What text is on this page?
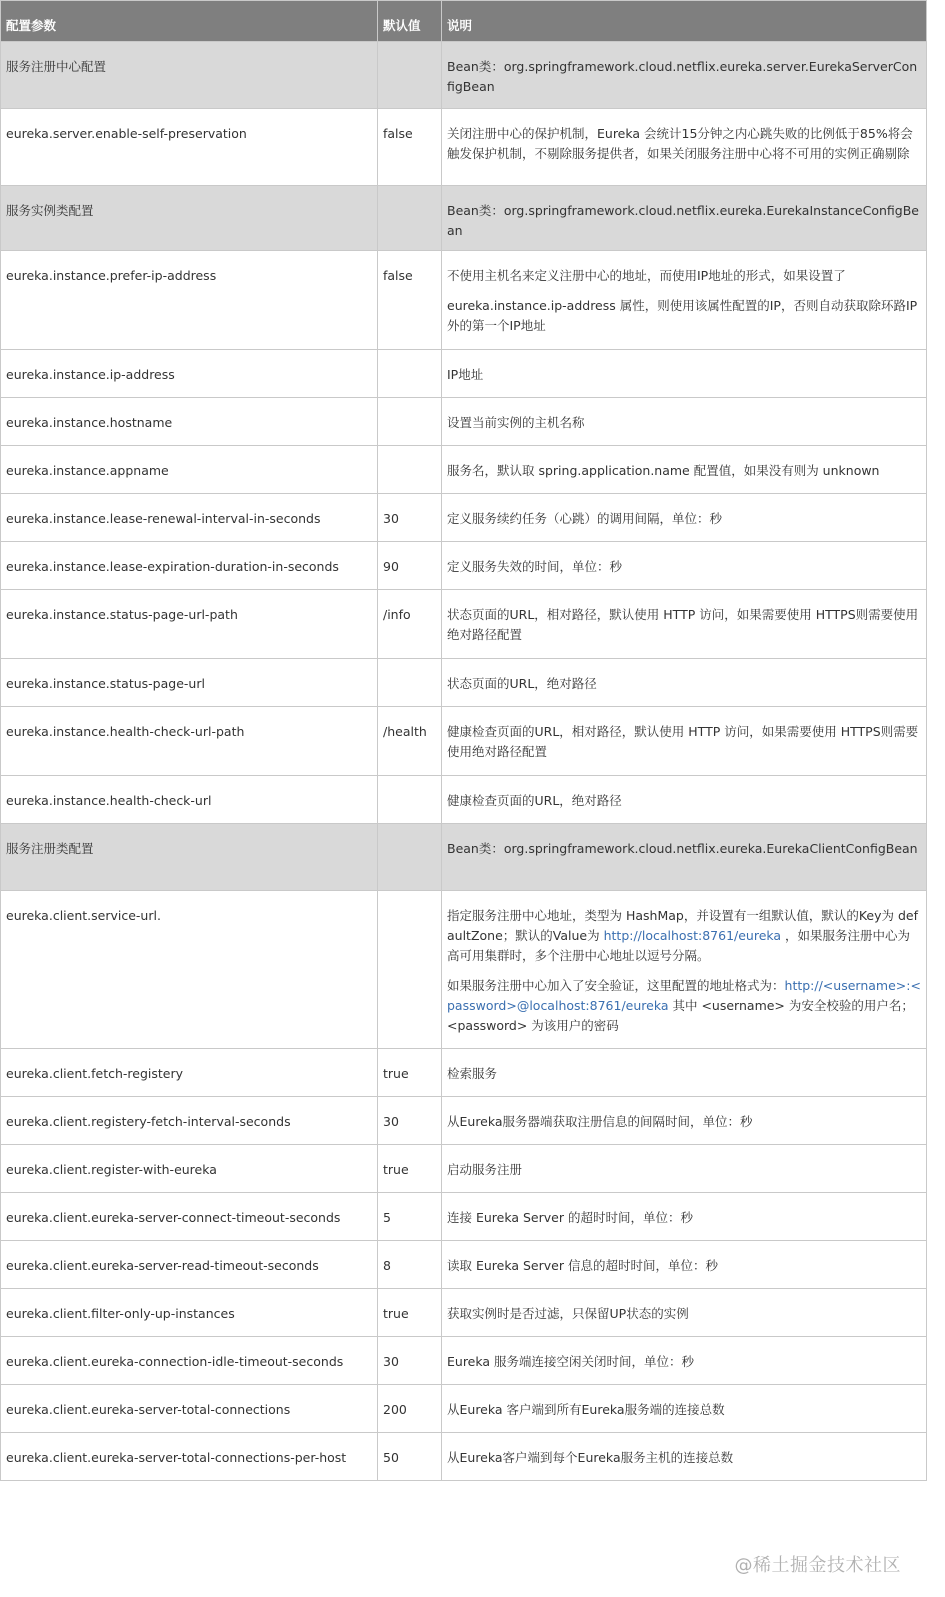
配置参数	默认值	说明
服务注册中心配置		Bean类：org.springframework.cloud.netflix.eureka.server.EurekaServerConfigBean

eureka.server.enable-self-preservation	false	关闭注册中心的保护机制，Eureka 会统计15分钟之内心跳失败的比例低于85%将会触发保护机制，不剔除服务提供者，如果关闭服务注册中心将不可用的实例正确剔除

服务实例类配置		Bean类：org.springframework.cloud.netflix.eureka.EurekaInstanceConfigBean

eureka.instance.prefer-ip-address	false	不使用主机名来定义注册中心的地址，而使用IP地址的形式，如果设置了

eureka.instance.ip-address 属性，则使用该属性配置的IP，否则自动获取除环路IP外的第一个IP地址

eureka.instance.ip-address		IP地址

eureka.instance.hostname		设置当前实例的主机名称

eureka.instance.appname		服务名，默认取 spring.application.name 配置值，如果没有则为 unknown

eureka.instance.lease-renewal-interval-in-seconds	30	定义服务续约任务（心跳）的调用间隔，单位：秒

eureka.instance.lease-expiration-duration-in-seconds	90	定义服务失效的时间，单位：秒

eureka.instance.status-page-url-path	/info	状态页面的URL，相对路径，默认使用 HTTP 访问，如果需要使用 HTTPS则需要使用绝对路径配置

eureka.instance.status-page-url		状态页面的URL，绝对路径

eureka.instance.health-check-url-path	/health	健康检查页面的URL，相对路径，默认使用 HTTP 访问，如果需要使用 HTTPS则需要使用绝对路径配置

eureka.instance.health-check-url		健康检查页面的URL，绝对路径

服务注册类配置		Bean类：org.springframework.cloud.netflix.eureka.EurekaClientConfigBean

eureka.client.service-url.		指定服务注册中心地址，类型为 HashMap，并设置有一组默认值，默认的Key为 defaultZone；默认的Value为 http://localhost:8761/eureka ，如果服务注册中心为高可用集群时，多个注册中心地址以逗号分隔。

如果服务注册中心加入了安全验证，这里配置的地址格式为：http://<username>:<password>@localhost:8761/eureka 其中 <username> 为安全校验的用户名；<password> 为该用户的密码

eureka.client.fetch-registery	true	检索服务

eureka.client.registery-fetch-interval-seconds	30	从Eureka服务器端获取注册信息的间隔时间，单位：秒

eureka.client.register-with-eureka	true	启动服务注册

eureka.client.eureka-server-connect-timeout-seconds	5	连接 Eureka Server 的超时时间，单位：秒

eureka.client.eureka-server-read-timeout-seconds	8	读取 Eureka Server 信息的超时时间，单位：秒

eureka.client.filter-only-up-instances	true	获取实例时是否过滤，只保留UP状态的实例

eureka.client.eureka-connection-idle-timeout-seconds	30	Eureka 服务端连接空闲关闭时间，单位：秒

eureka.client.eureka-server-total-connections	200	从Eureka 客户端到所有Eureka服务端的连接总数

eureka.client.eureka-server-total-connections-per-host	50	从Eureka客户端到每个Eureka服务主机的连接总数

@稀土掘金技术社区
